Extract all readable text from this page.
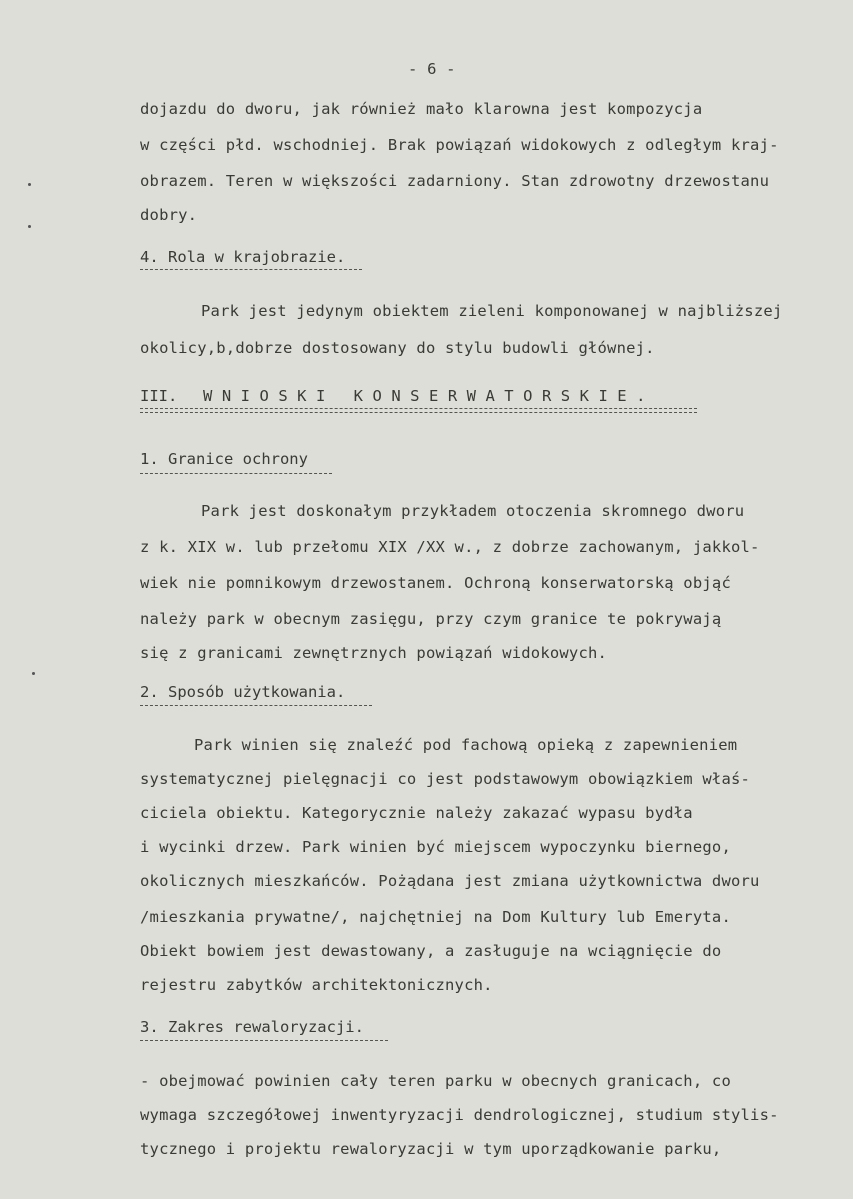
- 6 -
dojazdu do dworu, jak również mało klarowna jest kompozycja
w części płd. wschodniej. Brak powiązań widokowych z odległym kraj-
obrazem. Teren w większości zadarniony. Stan zdrowotny drzewostanu
dobry.
4. Rola w krajobrazie.
Park jest jedynym obiektem zieleni komponowanej w najbliższej
okolicy,b,dobrze dostosowany do stylu budowli głównej.
III. WNIOSKI KONSERWATORSKIE.
1. Granice ochrony
Park jest doskonałym przykładem otoczenia skromnego dworu
z k. XIX w. lub przełomu XIX /XX w., z dobrze zachowanym, jakkol-
wiek nie pomnikowym drzewostanem. Ochroną konserwatorską objąć
należy park w obecnym zasięgu, przy czym granice te pokrywają
się z granicami zewnętrznych powiązań widokowych.
2. Sposób użytkowania.
Park winien się znaleźć pod fachową opieką z zapewnieniem
systematycznej pielęgnacji co jest podstawowym obowiązkiem właś-
ciciela obiektu. Kategorycznie należy zakazać wypasu bydła
i wycinki drzew. Park winien być miejscem wypoczynku biernego,
okolicznych mieszkańców. Pożądana jest zmiana użytkownictwa dworu
/mieszkania prywatne/, najchętniej na Dom Kultury lub Emeryta.
Obiekt bowiem jest dewastowany, a zasługuje na wciągnięcie do
rejestru zabytków architektonicznych.
3. Zakres rewaloryzacji.
- obejmować powinien cały teren parku w obecnych granicach, co
wymaga szczegółowej inwentyryzacji dendrologicznej, studium stylis-
tycznego i projektu rewaloryzacji w tym uporządkowanie parku,
